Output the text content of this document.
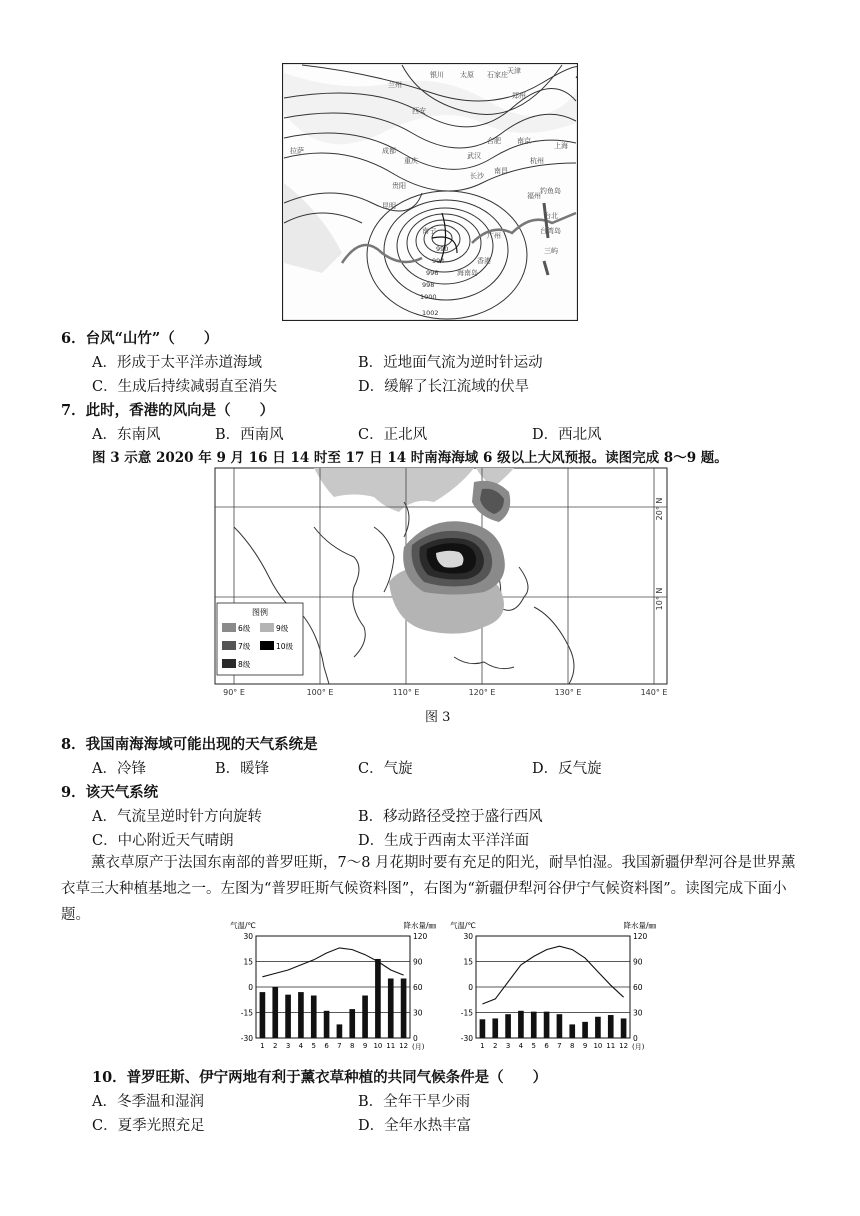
天津
石家庄
太原
银川
兰州
郑州
西安
拉萨	成都
武汉
重庆
合肥 南京
上海
杭州
长沙
南昌
福州
贵阳
昆明
钓鱼岛
台北
台湾岛
广州
南宁
香港
海南岛
三屿
990
994
996
998
1000
1002
6．台风“山竹”（　　）
A．形成于太平洋赤道海域	B．近地面气流为逆时针运动
C．生成后持续减弱直至消失	D．缓解了长江流域的伏旱
7．此时，香港的风向是（　　）
A．东南风	B．西南风	C．正北风	D．西北风
图 3 示意 2020 年 9 月 16 日 14 时至 17 日 14 时南海海域 6 级以上大风预报。读图完成 8～9 题。
图例
6级	9级
7级	10级
8级
90° E	100° E	110° E	120° E	130° E	140° E
20° N
10° N
图 3
8．我国南海海域可能出现的天气系统是
A．冷锋	B．暖锋	C．气旋	D．反气旋
9．该天气系统
A．气流呈逆时针方向旋转	B．移动路径受控于盛行西风
C．中心附近天气晴朗	D．生成于西南太平洋洋面
薰衣草原产于法国东南部的普罗旺斯，7～8 月花期时要有充足的阳光，耐旱怕湿。我国新疆伊犁河谷是世界薰衣草三大种植基地之一。左图为“普罗旺斯气候资料图”，右图为“新疆伊犁河谷伊宁气候资料图”。读图完成下面小题。
气温/℃	降水量/㎜
30
15
0
-15
-30
120
90
60
30
0
1 2 3 4 5 6 7 8 9 10 11 12 (月)
气温/℃	降水量/㎜
30
15
0
-15
-30
120
90
60
30
0
1 2 3 4 5 6 7 8 9 10 11 12 (月)
10．普罗旺斯、伊宁两地有利于薰衣草种植的共同气候条件是（　　）
A．冬季温和湿润	B．全年干旱少雨
C．夏季光照充足	D．全年水热丰富
